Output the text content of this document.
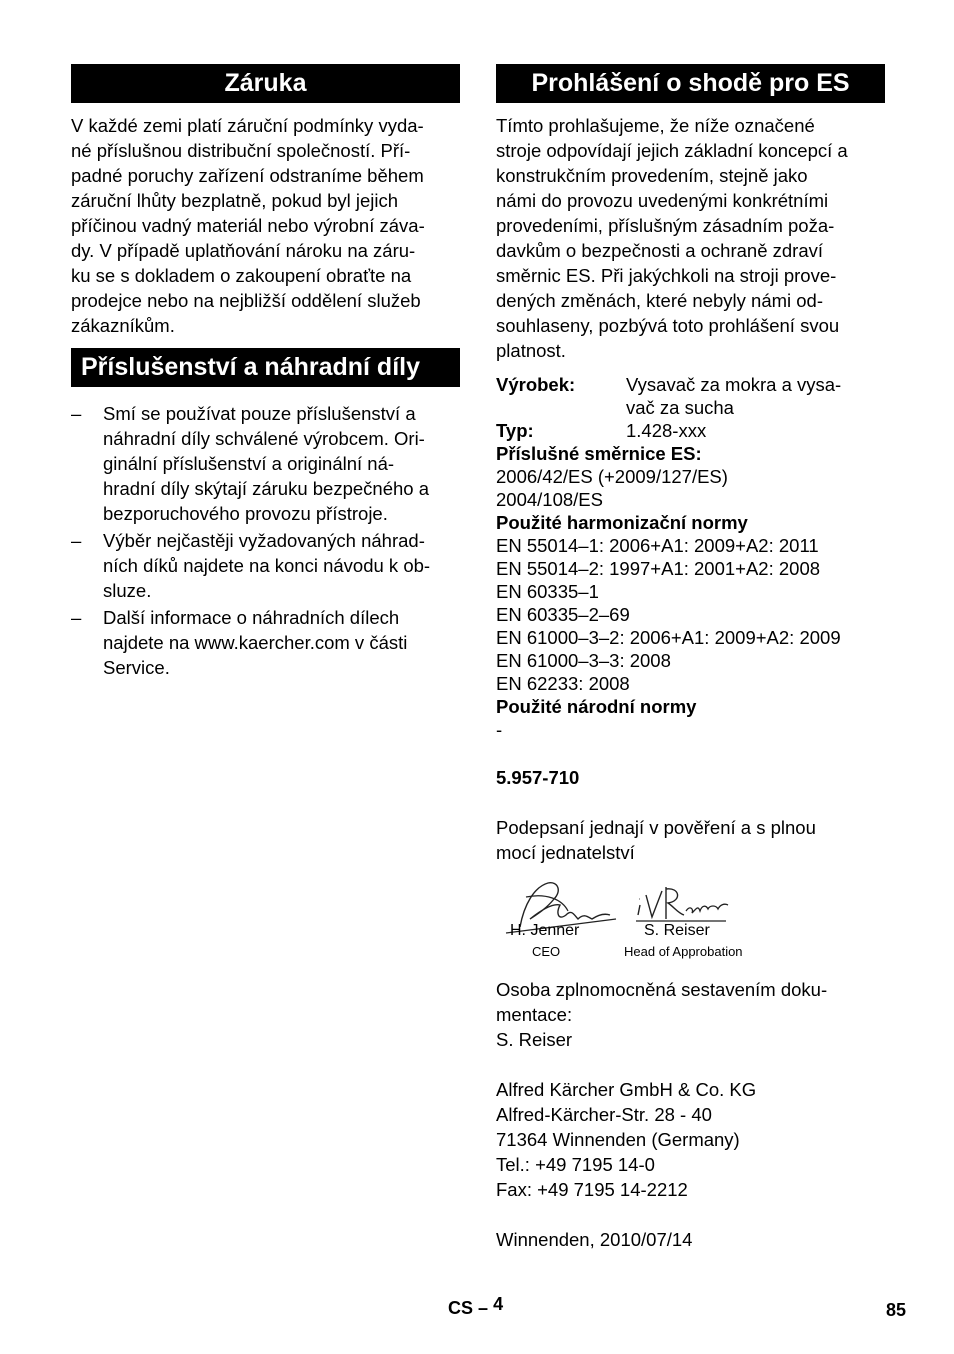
Záruka

V každé zemi platí záruční podmínky vyda-
né příslušnou distribuční společností. Pří-
padné poruchy zařízení odstraníme během
záruční lhůty bezplatně, pokud byl jejich
příčinou vadný materiál nebo výrobní záva-
dy. V případě uplatňování nároku na záru-
ku se s dokladem o zakoupení obraťte na
prodejce nebo na nejbližší oddělení služeb
zákazníkům.

Příslušenství a náhradní díly
– Smí se používat pouze příslušenství a
náhradní díly schválené výrobcem. Ori-
ginální příslušenství a originální ná-
hradní díly skýtají záruku bezpečného a
bezporuchového provozu přístroje.
– Výběr nejčastěji vyžadovaných náhrad-
ních díků najdete na konci návodu k ob-
sluze.
– Další informace o náhradních dílech
najdete na www.kaercher.com v části
Service.
Prohlášení o shodě pro ES

Tímto prohlašujeme, že níže označené
stroje odpovídají jejich základní koncepcí a
konstrukčním provedením, stejně jako
námi do provozu uvedenými konkrétními
provedeními, příslušným zásadním poža-
davkům o bezpečnosti a ochraně zdraví
směrnic ES. Při jakýchkoli na stroji prove-
dených změnách, které nebyly námi od-
souhlaseny, pozbývá toto prohlášení svou
platnost.

Výrobek:	Vysavač za mokra a vysa-
vač za sucha
Typ:	1.428-xxx
Příslušné směrnice ES:
2006/42/ES (+2009/127/ES)
2004/108/ES
Použité harmonizační normy
EN 55014–1: 2006+A1: 2009+A2: 2011
EN 55014–2: 1997+A1: 2001+A2: 2008
EN 60335–1
EN 60335–2–69
EN 61000–3–2: 2006+A1: 2009+A2: 2009
EN 61000–3–3: 2008
EN 62233: 2008
Použité národní normy
-
5.957-710

Podepsaní jednají v pověření a s plnou
mocí jednatelství

H. Jenner
CEO
S. Reiser
Head of Approbation

Osoba zplnomocněná sestavením doku-
mentace:
S. Reiser

Alfred Kärcher GmbH & Co. KG
Alfred-Kärcher-Str. 28 - 40
71364 Winnenden (Germany)
Tel.: +49 7195 14-0
Fax: +49 7195 14-2212

Winnenden, 2010/07/14

CS – 4	85
